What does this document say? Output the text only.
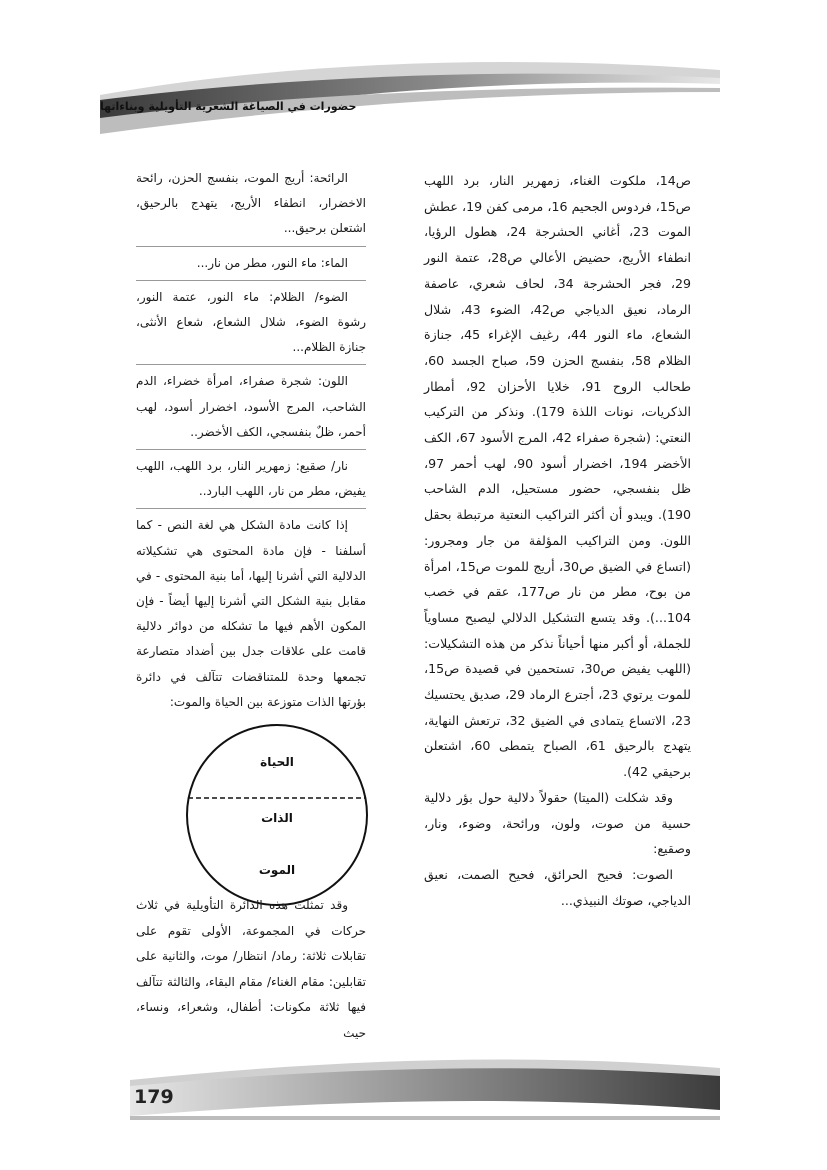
حضورات في الصياغة الشعرية التأويلية وبناءاتها

ص14، ملكوت الغناء، زمهرير النار، برد اللهب ص15، فردوس الجحيم 16، مرمى كفن 19، عطش الموت 23، أغاني الحشرجة 24، هطول الرؤيا، انطفاء الأريج، حضيض الأعالي ص28، عتمة النور 29، فجر الحشرجة 34، لحاف شعري، عاصفة الرماد، نعيق الدياجي ص42، الضوء 43، شلال الشعاع، ماء النور 44، رغيف الإغراء 45، جنازة الظلام 58، بنفسج الحزن 59، صباح الجسد 60، طحالب الروح 91، خلايا الأحزان 92، أمطار الذكريات، نونات اللذة 179). ونذكر من التركيب النعتي: (شجرة صفراء 42، المرج الأسود 67، الكف الأخضر 194، اخضرار أسود 90، لهب أحمر 97، ظل بنفسجي، حضور مستحيل، الدم الشاحب 190). ويبدو أن أكثر التراكيب النعتية مرتبطة بحقل اللون. ومن التراكيب المؤلفة من جار ومجرور: (اتساع في الضيق ص30، أريج للموت ص15، امرأة من بوح، مطر من نار ص177، عقم في خصب 104...). وقد يتسع التشكيل الدلالي ليصبح مساوياً للجملة، أو أكبر منها أحياناً نذكر من هذه التشكيلات: (اللهب يفيض ص30، تستحمين في قصيدة ص15، للموت يرتوي 23، أجترع الرماد 29، صديق يحتسيك 23، الاتساع يتمادى في الضيق 32، ترتعش النهاية، يتهدج بالرحيق 61، الصباح يتمطى 60، اشتعلن برحيقي 42).

وقد شكلت (الميتا) حقولاً دلالية حول بؤر دلالية حسية من صوت، ولون، ورائحة، وضوء، ونار، وصقيع:

الصوت: فحيح الحرائق، فحيح الصمت، نعيق الدياجي، صوتك النبيذي...

الرائحة: أريج الموت، بنفسج الحزن، رائحة الاخضرار، انطفاء الأريج، يتهدج بالرحيق، اشتعلن برحيق...

الماء: ماء النور، مطر من نار...

الضوء/ الظلام: ماء النور، عتمة النور، رشوة الضوء، شلال الشعاع، شعاع الأنثى، جنازة الظلام...

اللون: شجرة صفراء، امرأة خضراء، الدم الشاحب، المرج الأسود، اخضرار أسود، لهب أحمر، ظلٌ بنفسجي، الكف الأخضر..

نار/ صقيع: زمهرير النار، برد اللهب، اللهب يفيض، مطر من نار، اللهب البارد..

إذا كانت مادة الشكل هي لغة النص - كما أسلفنا - فإن مادة المحتوى هي تشكيلاته الدلالية التي أشرنا إليها، أما بنية المحتوى - في مقابل بنية الشكل التي أشرنا إليها أيضاً - فإن المكون الأهم فيها ما تشكله من دوائر دلالية قامت على علاقات جدل بين أضداد متصارعة تجمعها وحدة للمتناقضات تتآلف في دائرة بؤرتها الذات متوزعة بين الحياة والموت:

الحياة
الذات
الموت

وقد تمثلت هذه الدائرة التأويلية في ثلاث حركات في المجموعة، الأولى تقوم على تقابلات ثلاثة: رماد/ انتظار/ موت، والثانية على تقابلين: مقام الغناء/ مقام البقاء، والثالثة تتآلف فيها ثلاثة مكونات: أطفال، وشعراء، ونساء، حيث

179
